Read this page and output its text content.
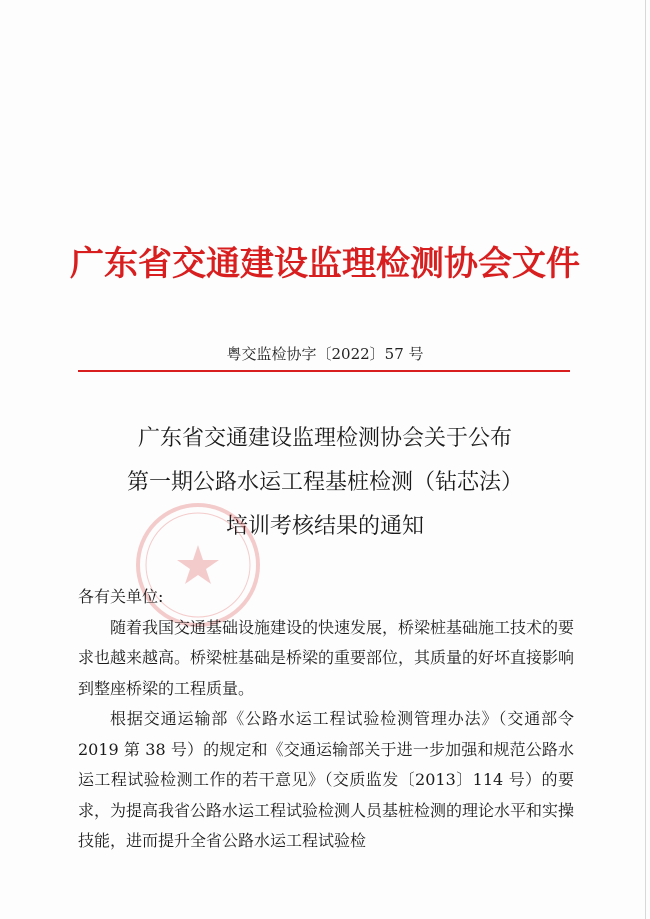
广东省交通建设监理检测协会文件
粤交监检协字〔2022〕57 号
广东省交通建设监理检测协会关于公布
第一期公路水运工程基桩检测（钻芯法）
培训考核结果的通知

各有关单位:

随着我国交通基础设施建设的快速发展，桥梁桩基础施工技术的要求也越来越高。桥梁桩基础是桥梁的重要部位，其质量的好坏直接影响到整座桥梁的工程质量。

根据交通运输部《公路水运工程试验检测管理办法》（交通部令 2019 第 38 号）的规定和《交通运输部关于进一步加强和规范公路水运工程试验检测工作的若干意见》（交质监发〔2013〕114 号）的要求，为提高我省公路水运工程试验检测人员基桩检测的理论水平和实操技能，进而提升全省公路水运工程试验检
